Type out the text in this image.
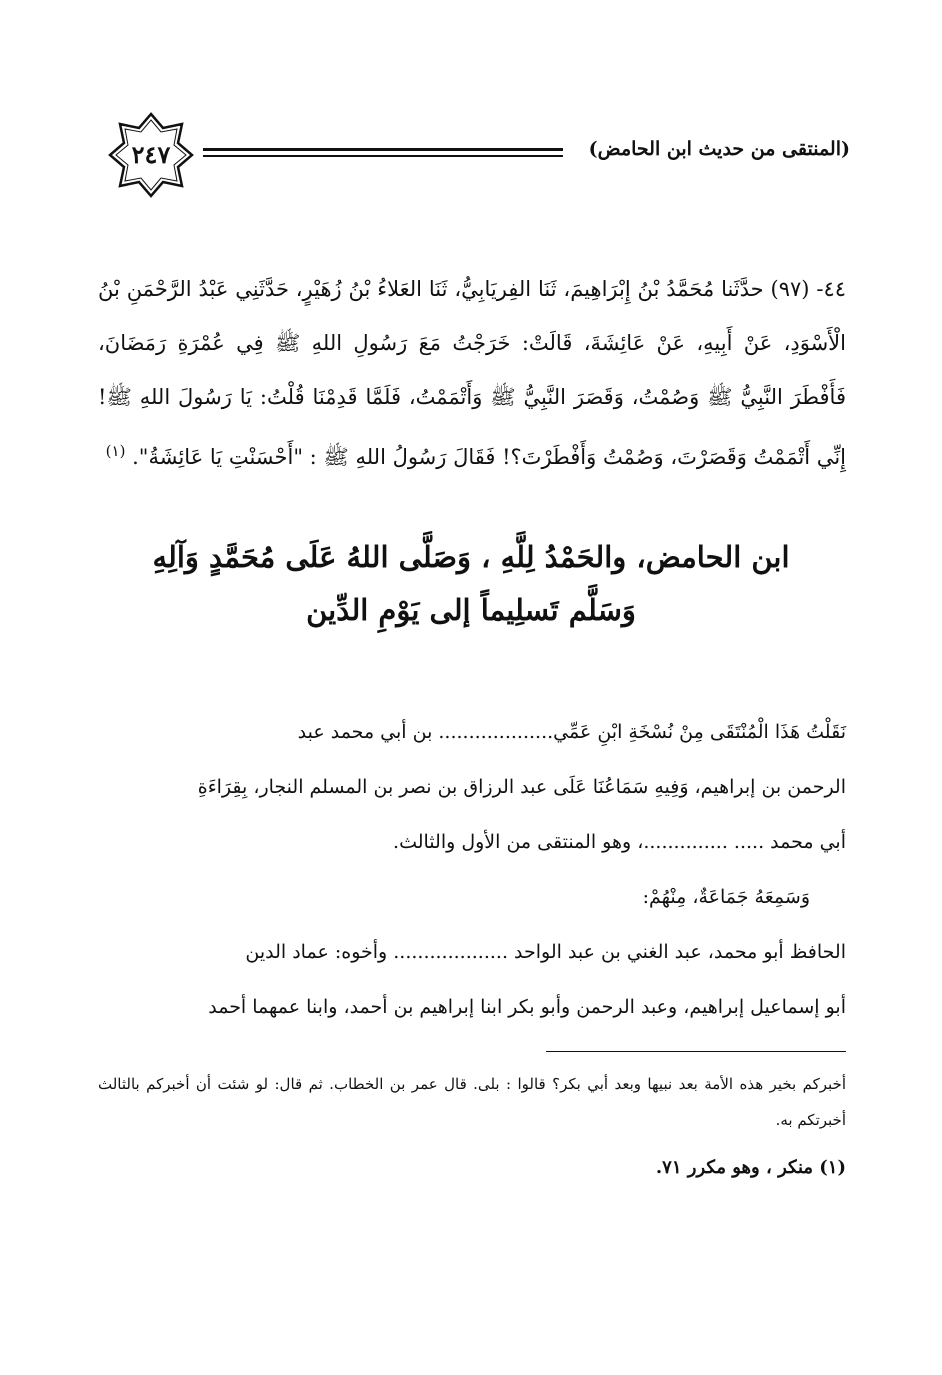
(المنتقى من حديث ابن الحامض)
٢٤٧
٤٤- (٩٧) حدَّثَنا مُحَمَّدُ بْنُ إِبْرَاهِيمَ، ثَنَا الفِريَابِيُّ، ثَنَا العَلاءُ بْنُ زُهَيْرٍ، حَدَّثَنِي عَبْدُ الرَّحْمَنِ بْنُ الْأَسْوَدِ، عَنْ أَبِيهِ، عَنْ عَائِشَةَ، قَالَتْ: خَرَجْتُ مَعَ رَسُولِ اللهِ ﷺ فِي عُمْرَةِ رَمَضَانَ، فَأَفْطَرَ النَّبِيُّ ﷺ وَصُمْتُ، وَقَصَرَ النَّبِيُّ ﷺ وَأَتْمَمْتُ، فَلَمَّا قَدِمْنَا قُلْتُ: يَا رَسُولَ اللهِ ﷺ! إِنِّي أَتْمَمْتُ وَقَصَرْتَ، وَصُمْتُ وَأَفْطَرْتَ؟! فَقَالَ رَسُولُ اللهِ ﷺ : "أَحْسَنْتِ يَا عَائِشَةُ". $^{(١)}$
ابن الحامض، والحَمْدُ لِلَّهِ ، وَصَلَّى اللهُ عَلَى مُحَمَّدٍ وَآلِهِ
وَسَلَّم تَسلِيماً إلى يَوْمِ الدِّين
نَقَلْتُ هَذَا الْمُنْتَقَى مِنْ نُسْخَةِ ابْنِ عَمِّي................... بن أبي محمد عبد
الرحمن بن إبراهيم، وَفِيهِ سَمَاعُنَا عَلَى عبد الرزاق بن نصر بن المسلم النجار، بِقِرَاءَةِ
أبي محمد ..... ..............، وهو المنتقى من الأول والثالث.
وَسَمِعَهُ جَمَاعَةٌ، مِنْهُمْ:
الحافظ أبو محمد، عبد الغني بن عبد الواحد ................... وأخوه: عماد الدين
أبو إسماعيل إبراهيم، وعبد الرحمن وأبو بكر ابنا إبراهيم بن أحمد، وابنا عمهما أحمد
أخبركم بخير هذه الأمة بعد نبيها وبعد أبي بكر؟ قالوا : بلى. قال عمر بن الخطاب. ثم قال: لو شئت أن أخبركم بالثالث أخبرتكم به.
(١) منكر ، وهو مكرر ٧١.
